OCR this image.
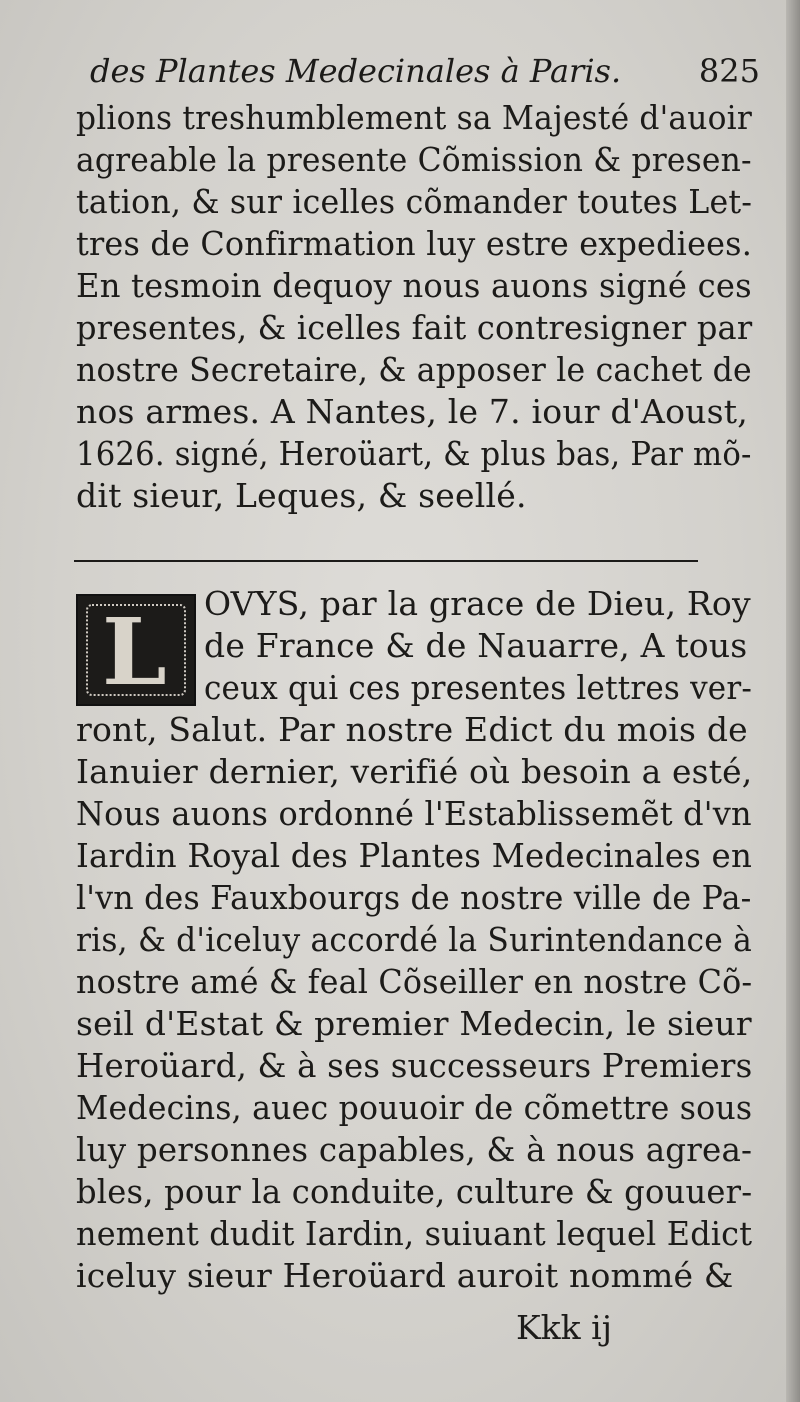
des Plantes Medecinales à Paris. 825
plions treshumblement sa Majesté d'auoir
agreable la presente Cõmission & presen-
tation, & sur icelles cõmander toutes Let-
tres de Confirmation luy estre expediees.
En tesmoin dequoy nous auons signé ces
presentes, & icelles fait contresigner par
nostre Secretaire, & apposer le cachet de
nos armes. A Nantes, le 7. iour d'Aoust,
1626. signé, Heroüart, & plus bas, Par mõ-
dit sieur, Leques, & seellé.
L OVYS, par la grace de Dieu, Roy
de France & de Nauarre, A tous
ceux qui ces presentes lettres ver-
ront, Salut. Par nostre Edict du mois de
Ianuier dernier, verifié où besoin a esté,
Nous auons ordonné l'Establissemẽt d'vn
Iardin Royal des Plantes Medecinales en
l'vn des Fauxbourgs de nostre ville de Pa-
ris, & d'iceluy accordé la Surintendance à
nostre amé & feal Cõseiller en nostre Cõ-
seil d'Estat & premier Medecin, le sieur
Heroüard, & à ses successeurs Premiers
Medecins, auec pouuoir de cõmettre sous
luy personnes capables, & à nous agrea-
bles, pour la conduite, culture & gouuer-
nement dudit Iardin, suiuant lequel Edict
iceluy sieur Heroüard auroit nommé &
Kkk ij
